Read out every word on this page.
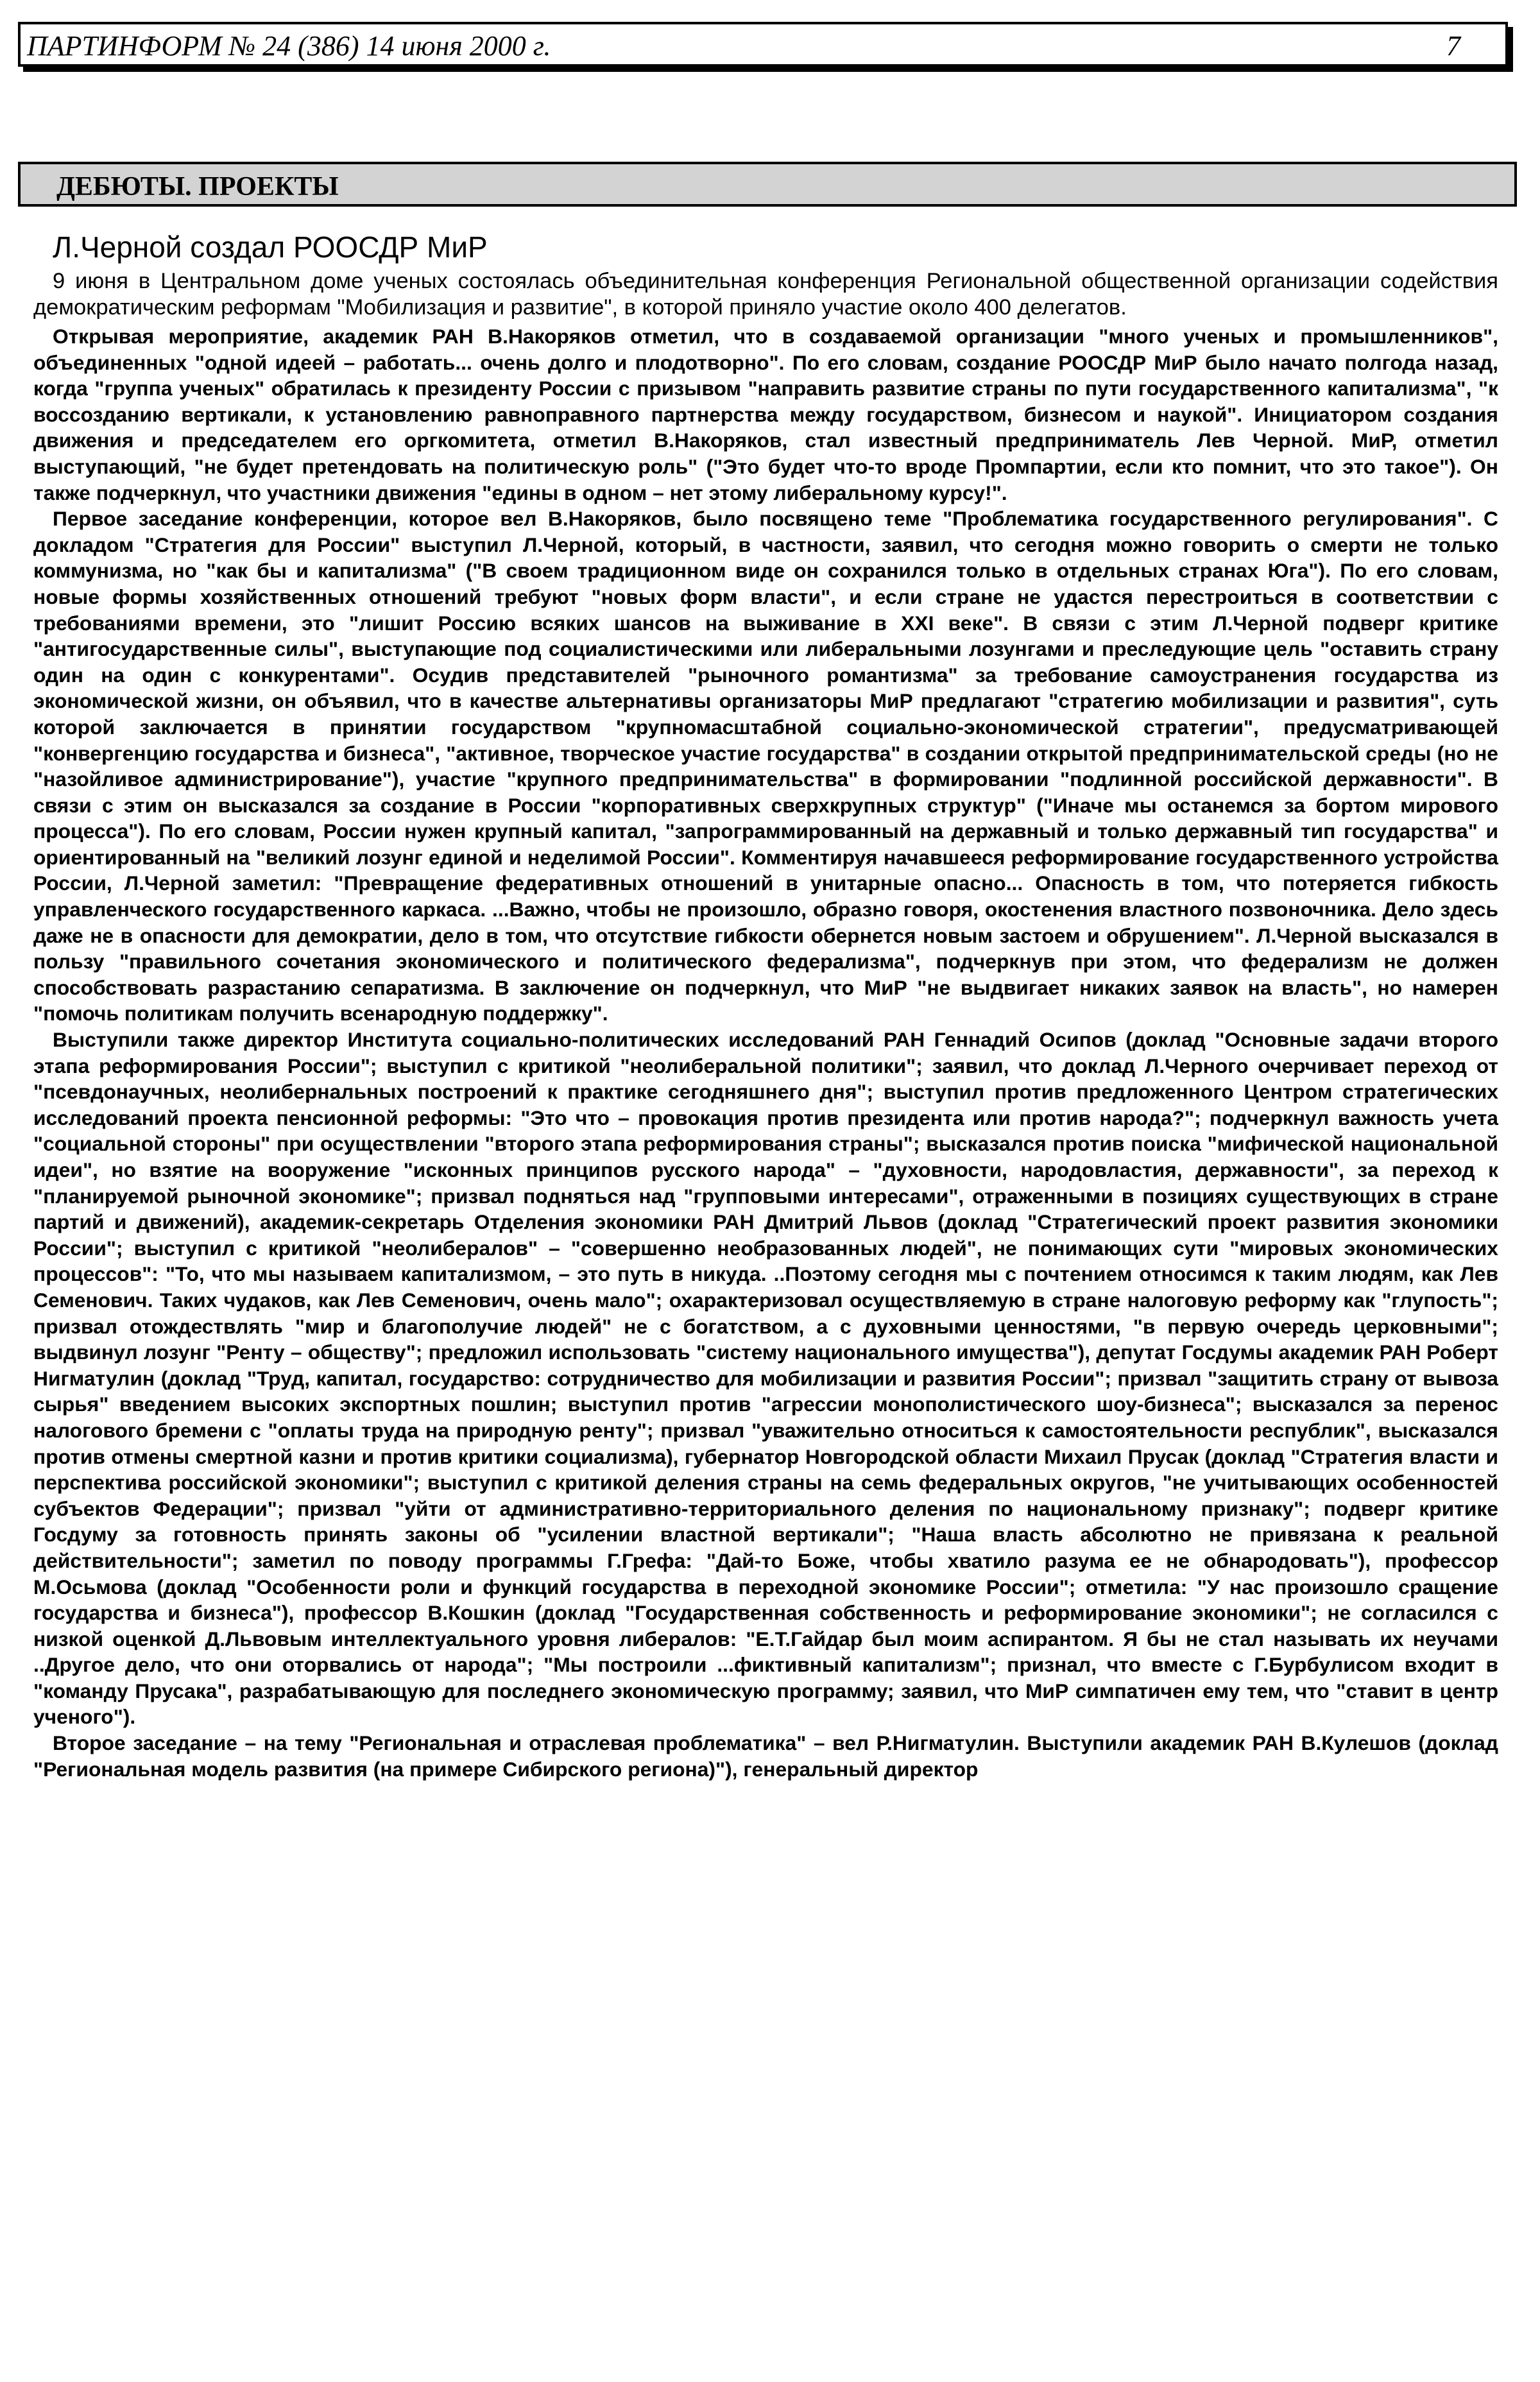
ПАРТИНФОРМ № 24 (386) 14 июня 2000 г.	7
ДЕБЮТЫ. ПРОЕКТЫ
Л.Черной создал РООСДР МиР

9 июня в Центральном доме ученых состоялась объединительная конференция Региональной общественной организации содействия демократическим реформам "Мобилизация и развитие", в которой приняло участие около 400 делегатов.

Открывая мероприятие, академик РАН В.Накоряков отметил, что в создаваемой организации "много ученых и промышленников", объединенных "одной идеей – работать... очень долго и плодотворно". По его словам, создание РООСДР МиР было начато полгода назад, когда "группа ученых" обратилась к президенту России с призывом "направить развитие страны по пути государственного капитализма", "к воссозданию вертикали, к установлению равноправного партнерства между государством, бизнесом и наукой". Инициатором создания движения и председателем его оргкомитета, отметил В.Накоряков, стал известный предприниматель Лев Черной. МиР, отметил выступающий, "не будет претендовать на политическую роль" ("Это будет что-то вроде Промпартии, если кто помнит, что это такое"). Он также подчеркнул, что участники движения "едины в одном – нет этому либеральному курсу!".

Первое заседание конференции, которое вел В.Накоряков, было посвящено теме "Проблематика государственного регулирования". С докладом "Стратегия для России" выступил Л.Черной, который, в частности, заявил, что сегодня можно говорить о смерти не только коммунизма, но "как бы и капитализма" ("В своем традиционном виде он сохранился только в отдельных странах Юга"). По его словам, новые формы хозяйственных отношений требуют "новых форм власти", и если стране не удастся перестроиться в соответствии с требованиями времени, это "лишит Россию всяких шансов на выживание в XXI веке". В связи с этим Л.Черной подверг критике "антигосударственные силы", выступающие под социалистическими или либеральными лозунгами и преследующие цель "оставить страну один на один с конкурентами". Осудив представителей "рыночного романтизма" за требование самоустранения государства из экономической жизни, он объявил, что в качестве альтернативы организаторы МиР предлагают "стратегию мобилизации и развития", суть которой заключается в принятии государством "крупномасштабной социально-экономической стратегии", предусматривающей "конвергенцию государства и бизнеса", "активное, творческое участие государства" в создании открытой предпринимательской среды (но не "назойливое администрирование"), участие "крупного предпринимательства" в формировании "подлинной российской державности". В связи с этим он высказался за создание в России "корпоративных сверхкрупных структур" ("Иначе мы останемся за бортом мирового процесса"). По его словам, России нужен крупный капитал, "запрограммированный на державный и только державный тип государства" и ориентированный на "великий лозунг единой и неделимой России". Комментируя начавшееся реформирование государственного устройства России, Л.Черной заметил: "Превращение федеративных отношений в унитарные опасно... Опасность в том, что потеряется гибкость управленческого государственного каркаса. ...Важно, чтобы не произошло, образно говоря, окостенения властного позвоночника. Дело здесь даже не в опасности для демократии, дело в том, что отсутствие гибкости обернется новым застоем и обрушением". Л.Черной высказался в пользу "правильного сочетания экономического и политического федерализма", подчеркнув при этом, что федерализм не должен способствовать разрастанию сепаратизма. В заключение он подчеркнул, что МиР "не выдвигает никаких заявок на власть", но намерен "помочь политикам получить всенародную поддержку".

Выступили также директор Института социально-политических исследований РАН Геннадий Осипов (доклад "Основные задачи второго этапа реформирования России"; выступил с критикой "неолиберальной политики"; заявил, что доклад Л.Черного очерчивает переход от "псевдонаучных, неолибернальных построений к практике сегодняшнего дня"; выступил против предложенного Центром стратегических исследований проекта пенсионной реформы: "Это что – провокация против президента или против народа?"; подчеркнул важность учета "социальной стороны" при осуществлении "второго этапа реформирования страны"; высказался против поиска "мифической национальной идеи", но взятие на вооружение "исконных принципов русского народа" – "духовности, народовластия, державности", за переход к "планируемой рыночной экономике"; призвал подняться над "групповыми интересами", отраженными в позициях существующих в стране партий и движений), академик-секретарь Отделения экономики РАН Дмитрий Львов (доклад "Стратегический проект развития экономики России"; выступил с критикой "неолибералов" – "совершенно необразованных людей", не понимающих сути "мировых экономических процессов": "То, что мы называем капитализмом, – это путь в никуда. ..Поэтому сегодня мы с почтением относимся к таким людям, как Лев Семенович. Таких чудаков, как Лев Семенович, очень мало"; охарактеризовал осуществляемую в стране налоговую реформу как "глупость"; призвал отождествлять "мир и благополучие людей" не с богатством, а с духовными ценностями, "в первую очередь церковными"; выдвинул лозунг "Ренту – обществу"; предложил использовать "систему национального имущества"), депутат Госдумы академик РАН Роберт Нигматулин (доклад "Труд, капитал, государство: сотрудничество для мобилизации и развития России"; призвал "защитить страну от вывоза сырья" введением высоких экспортных пошлин; выступил против "агрессии монополистического шоу-бизнеса"; высказался за перенос налогового бремени с "оплаты труда на природную ренту"; призвал "уважительно относиться к самостоятельности республик", высказался против отмены смертной казни и против критики социализма), губернатор Новгородской области Михаил Прусак (доклад "Стратегия власти и перспектива российской экономики"; выступил с критикой деления страны на семь федеральных округов, "не учитывающих особенностей субъектов Федерации"; призвал "уйти от административно-территориального деления по национальному признаку"; подверг критике Госдуму за готовность принять законы об "усилении властной вертикали"; "Наша власть абсолютно не привязана к реальной действительности"; заметил по поводу программы Г.Грефа: "Дай-то Боже, чтобы хватило разума ее не обнародовать"), профессор М.Осьмова (доклад "Особенности роли и функций государства в переходной экономике России"; отметила: "У нас произошло сращение государства и бизнеса"), профессор В.Кошкин (доклад "Государственная собственность и реформирование экономики"; не согласился с низкой оценкой Д.Львовым интеллектуального уровня либералов: "Е.Т.Гайдар был моим аспирантом. Я бы не стал называть их неучами ..Другое дело, что они оторвались от народа"; "Мы построили ...фиктивный капитализм"; признал, что вместе с Г.Бурбулисом входит в "команду Прусака", разрабатывающую для последнего экономическую программу; заявил, что МиР симпатичен ему тем, что "ставит в центр ученого").

Второе заседание – на тему "Региональная и отраслевая проблематика" – вел Р.Нигматулин. Выступили академик РАН В.Кулешов (доклад "Региональная модель развития (на примере Сибирского региона)"), генеральный директор
